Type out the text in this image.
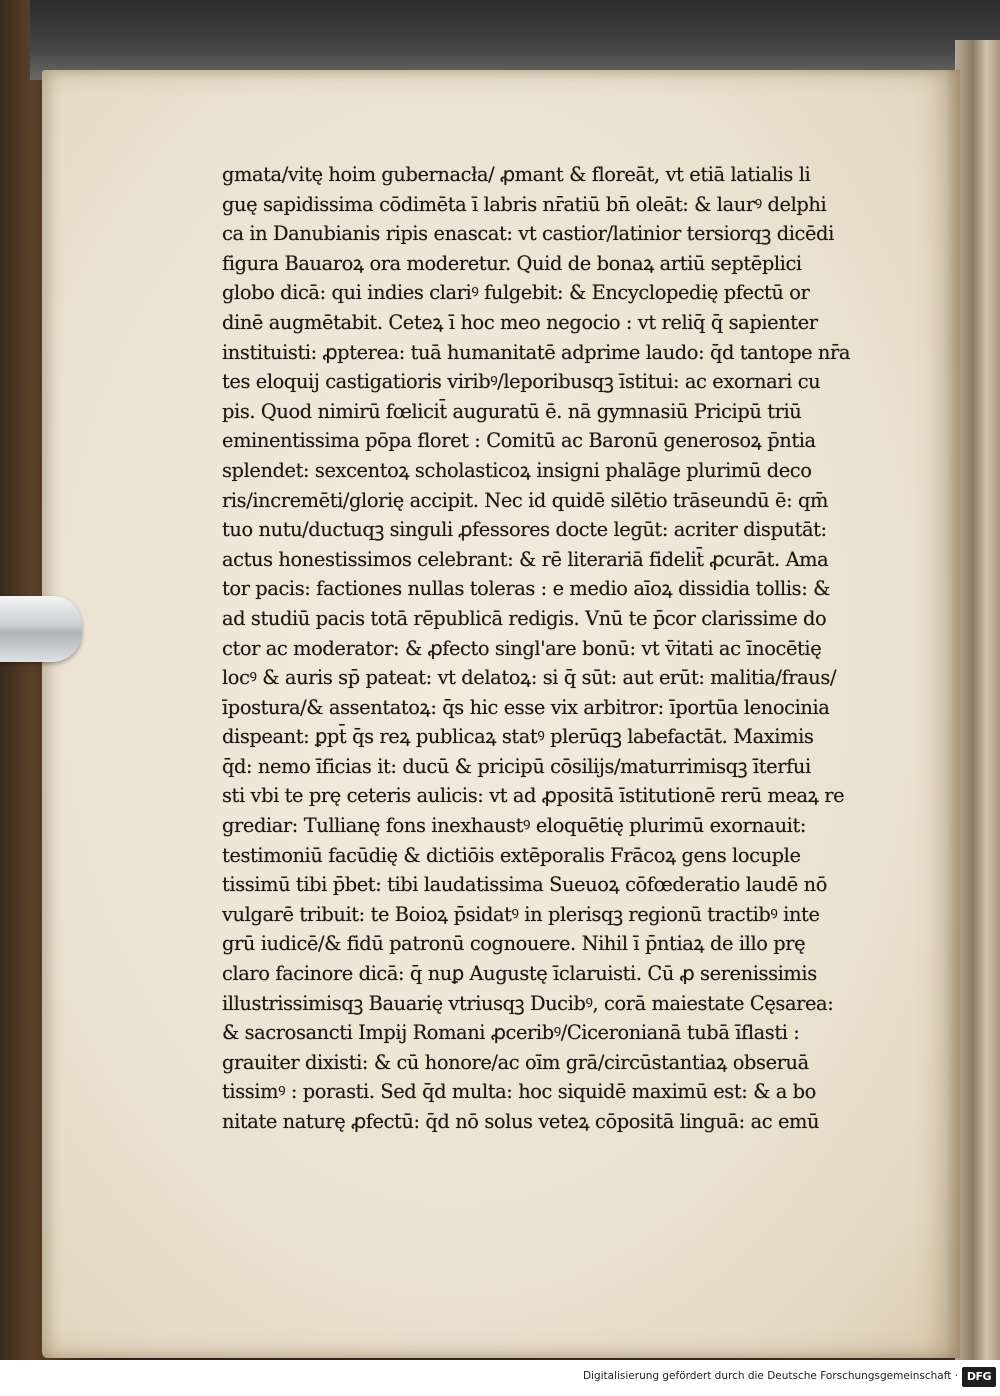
gmata/vitę hoim gubernacła/ ꝓmant & floreāt, vt etiā latialis li
guę sapidissima cōdimēta ī labris nr̄atiū bn̄ oleāt: & laurꝰ delphi
ca in Danubianis ripis enascat: vt castior/latinior tersiorqꝫ dicēdi
figura Bauaroꝝ ora moderetur. Quid de bonaꝝ artiū septēplici
globo dicā: qui indies clariꝰ fulgebit: & Encyclopedię pfectū or
dinē augmētabit. Ceteꝝ ī hoc meo negocio : vt reliq̄ q̄ sapienter
instituisti: ꝓpterea: tuā humanitatē adprime laudo: q̄d tantope nr̄a
tes eloquij castigatioris viribꝰ/leporibusqꝫ īstitui: ac exornari cu
pis. Quod nimirū fœlicit̄ auguratū ē. nā gymnasiū Pricipū triū
eminentissima pōpa floret : Comitū ac Baronū generosoꝝ p̄ntia
splendet: sexcentoꝝ scholasticoꝝ insigni phalāge plurimū deco
ris/incremēti/glorię accipit. Nec id quidē silētio trāseundū ē: qm̄
tuo nutu/ductuqꝫ singuli ꝓfessores docte legūt: acriter disputāt:
actus honestissimos celebrant: & rē literariā fidelit̄ ꝓcurāt. Ama
tor pacis: factiones nullas toleras : e medio aīoꝝ dissidia tollis: &
ad studiū pacis totā rēpublicā redigis. Vnū te p̄cor clarissime do
ctor ac moderator: & ꝓfecto singl'are bonū: vt v̄itati ac īnocētię
locꝰ & auris sp̄ pateat: vt delatoꝝ: si q̄ sūt: aut erūt: malitia/fraus/
īpostura/& assentatoꝝ: q̄s hic esse vix arbitror: īportūa lenocinia
dispeant: ꝑpt̄ q̄s reꝝ publicaꝝ statꝰ plerūqꝫ labefactāt. Maximis
q̄d: nemo īficias it: ducū & pricipū cōsilijs/maturrimisqꝫ īterfui
sti vbi te prę ceteris aulicis: vt ad ꝓpositā īstitutionē rerū meaꝝ re
grediar: Tullianę fons inexhaustꝰ eloquētię plurimū exornauit:
testimoniū facūdię & dictiōis extēporalis Frācoꝝ gens locuple
tissimū tibi p̄bet: tibi laudatissima Sueuoꝝ cōfœderatio laudē nō
vulgarē tribuit: te Boioꝝ p̄sidatꝰ in plerisqꝫ regionū tractibꝰ inte
grū iudicē/& fidū patronū cognouere. Nihil ī p̄ntiaꝝ de illo prę
claro facinore dicā: q̄ nuꝑ Augustę īclaruisti. Cū ꝓ serenissimis
illustrissimisqꝫ Bauarię vtriusqꝫ Ducibꝰ, corā maiestate Cęsarea:
& sacrosancti Impij Romani ꝓceribꝰ/Ciceronianā tubā īflasti :
grauiter dixisti: & cū honore/ac oīm grā/circūstantiaꝝ obseruā
tissimꝰ : porasti. Sed q̄d multa: hoc siquidē maximū est: & a bo
nitate naturę ꝓfectū: q̄d nō solus veteꝝ cōpositā linguā: ac emū
Digitalisierung gefördert durch die Deutsche Forschungsgemeinschaft · DFG
